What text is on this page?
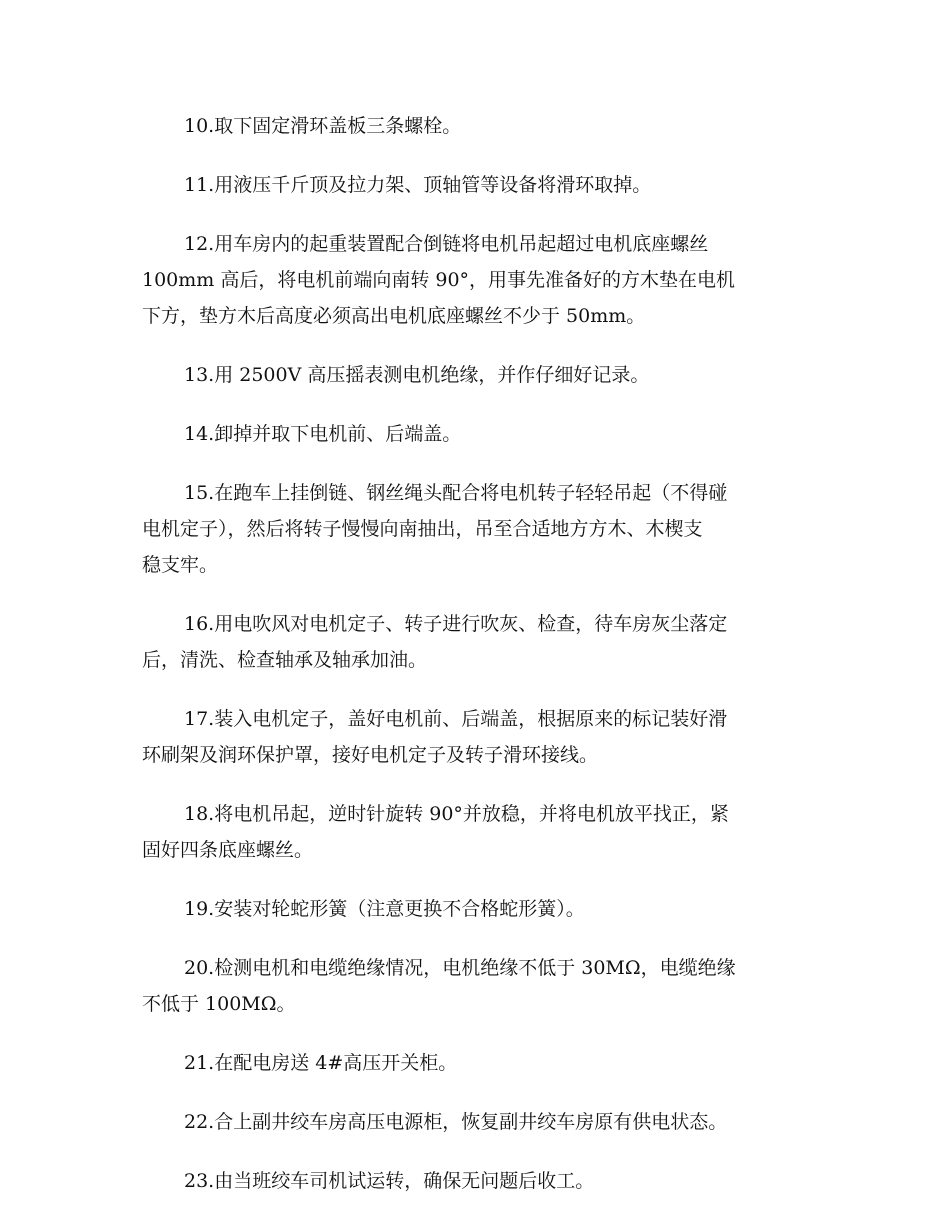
10.取下固定滑环盖板三条螺栓。

11.用液压千斤顶及拉力架、顶轴管等设备将滑环取掉。

12.用车房内的起重装置配合倒链将电机吊起超过电机底座螺丝
100mm 高后，将电机前端向南转 90°，用事先准备好的方木垫在电机
下方，垫方木后高度必须高出电机底座螺丝不少于 50mm。

13.用 2500V 高压摇表测电机绝缘，并作仔细好记录。

14.卸掉并取下电机前、后端盖。

15.在跑车上挂倒链、钢丝绳头配合将电机转子轻轻吊起（不得碰
电机定子），然后将转子慢慢向南抽出，吊至合适地方方木、木楔支
稳支牢。

16.用电吹风对电机定子、转子进行吹灰、检查，待车房灰尘落定
后，清洗、检查轴承及轴承加油。

17.装入电机定子，盖好电机前、后端盖，根据原来的标记装好滑
环刷架及润环保护罩，接好电机定子及转子滑环接线。

18.将电机吊起，逆时针旋转 90°并放稳，并将电机放平找正，紧
固好四条底座螺丝。

19.安装对轮蛇形簧（注意更换不合格蛇形簧）。

20.检测电机和电缆绝缘情况，电机绝缘不低于 30MΩ，电缆绝缘
不低于 100MΩ。

21.在配电房送 4#高压开关柜。

22.合上副井绞车房高压电源柜，恢复副井绞车房原有供电状态。

23.由当班绞车司机试运转，确保无问题后收工。
